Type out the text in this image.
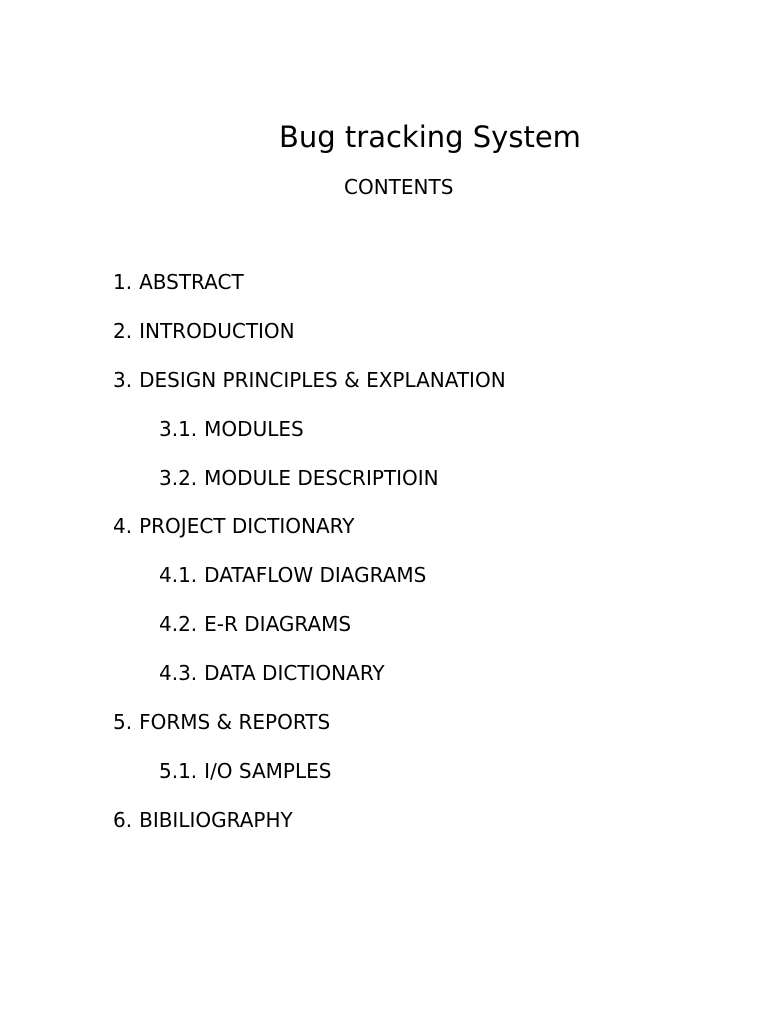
Bug tracking System
CONTENTS
1. ABSTRACT
2. INTRODUCTION
3. DESIGN PRINCIPLES & EXPLANATION
3.1. MODULES
3.2. MODULE DESCRIPTIOIN
4. PROJECT DICTIONARY
4.1. DATAFLOW DIAGRAMS
4.2. E-R DIAGRAMS
4.3. DATA DICTIONARY
5. FORMS & REPORTS
5.1. I/O SAMPLES
6. BIBILIOGRAPHY
